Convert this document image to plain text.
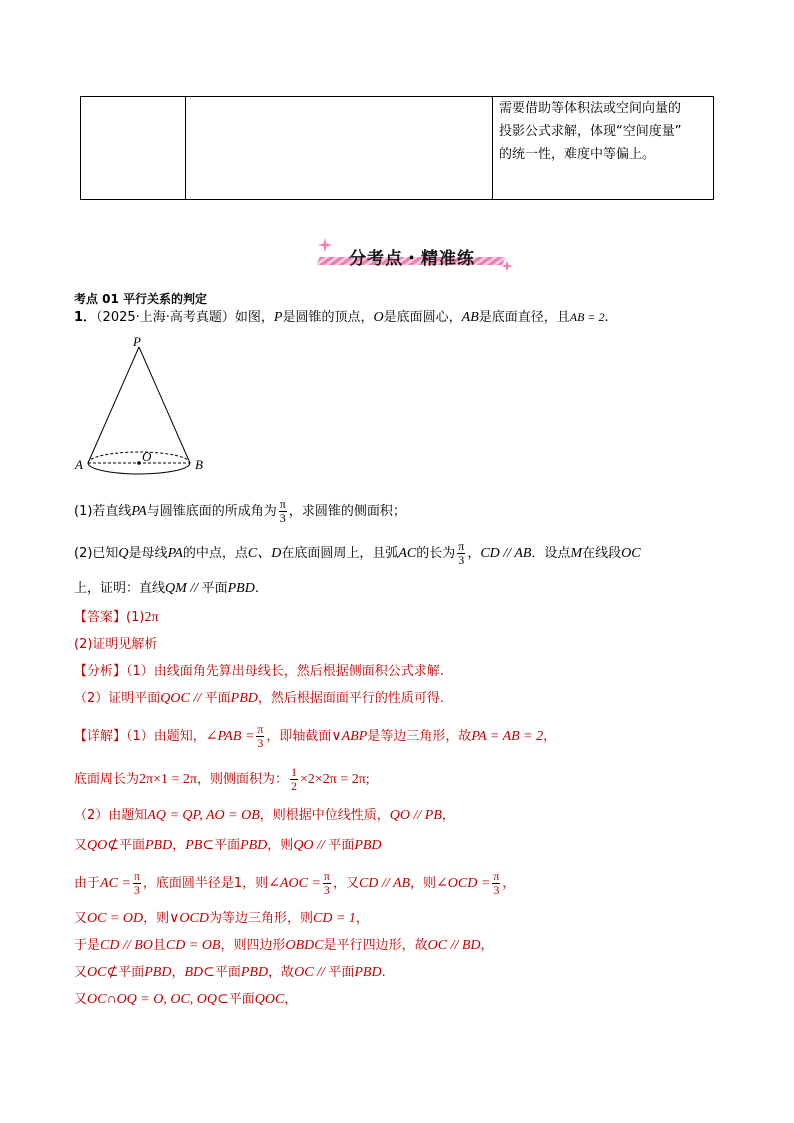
需要借助等体积法或空间向量的
投影公式求解，体现“空间度量”
的统一性，难度中等偏上。
分考点・精准练
考点 01 平行关系的判定
1．（2025·上海·高考真题）如图，P是圆锥的顶点，O是底面圆心，AB是底面直径，且AB = 2.
P
O
A	B
(1)若直线PA与圆锥底面的所成角为 $\frac{\pi}{3}$ ，求圆锥的侧面积；
(2)已知Q是母线PA的中点，点C、D在底面圆周上，且弧AC的长为 $\frac{\pi}{3}$ ，CD // AB．设点M在线段OC
上，证明：直线QM // 平面PBD.
【答案】(1)2π
(2)证明见解析
【分析】（1）由线面角先算出母线长，然后根据侧面积公式求解.
（2）证明平面QOC // 平面PBD，然后根据面面平行的性质可得.
【详解】（1）由题知，∠PAB = $\frac{\pi}{3}$ ，即轴截面∨ABP是等边三角形，故PA = AB = 2，
底面周长为2π×1 = 2π，则侧面积为： $\frac{1}{2} \times 2\times 2\pi = 2\pi$;
（2）由题知AQ = QP, AO = OB，则根据中位线性质，QO // PB，
又QO⊄平面PBD，PB⊂平面PBD，则QO // 平面PBD
由于AC = $\frac{\pi}{3}$ ，底面圆半径是1，则∠AOC = $\frac{\pi}{3}$ ，又CD // AB，则∠OCD = $\frac{\pi}{3}$ ，
又OC = OD，则∨OCD为等边三角形，则CD = 1，
于是CD // BO且CD = OB，则四边形OBDC是平行四边形，故OC // BD，
又OC⊄平面PBD，BD⊂平面PBD，故OC // 平面PBD.
又OC∩OQ = O, OC, OQ⊂平面QOC，
